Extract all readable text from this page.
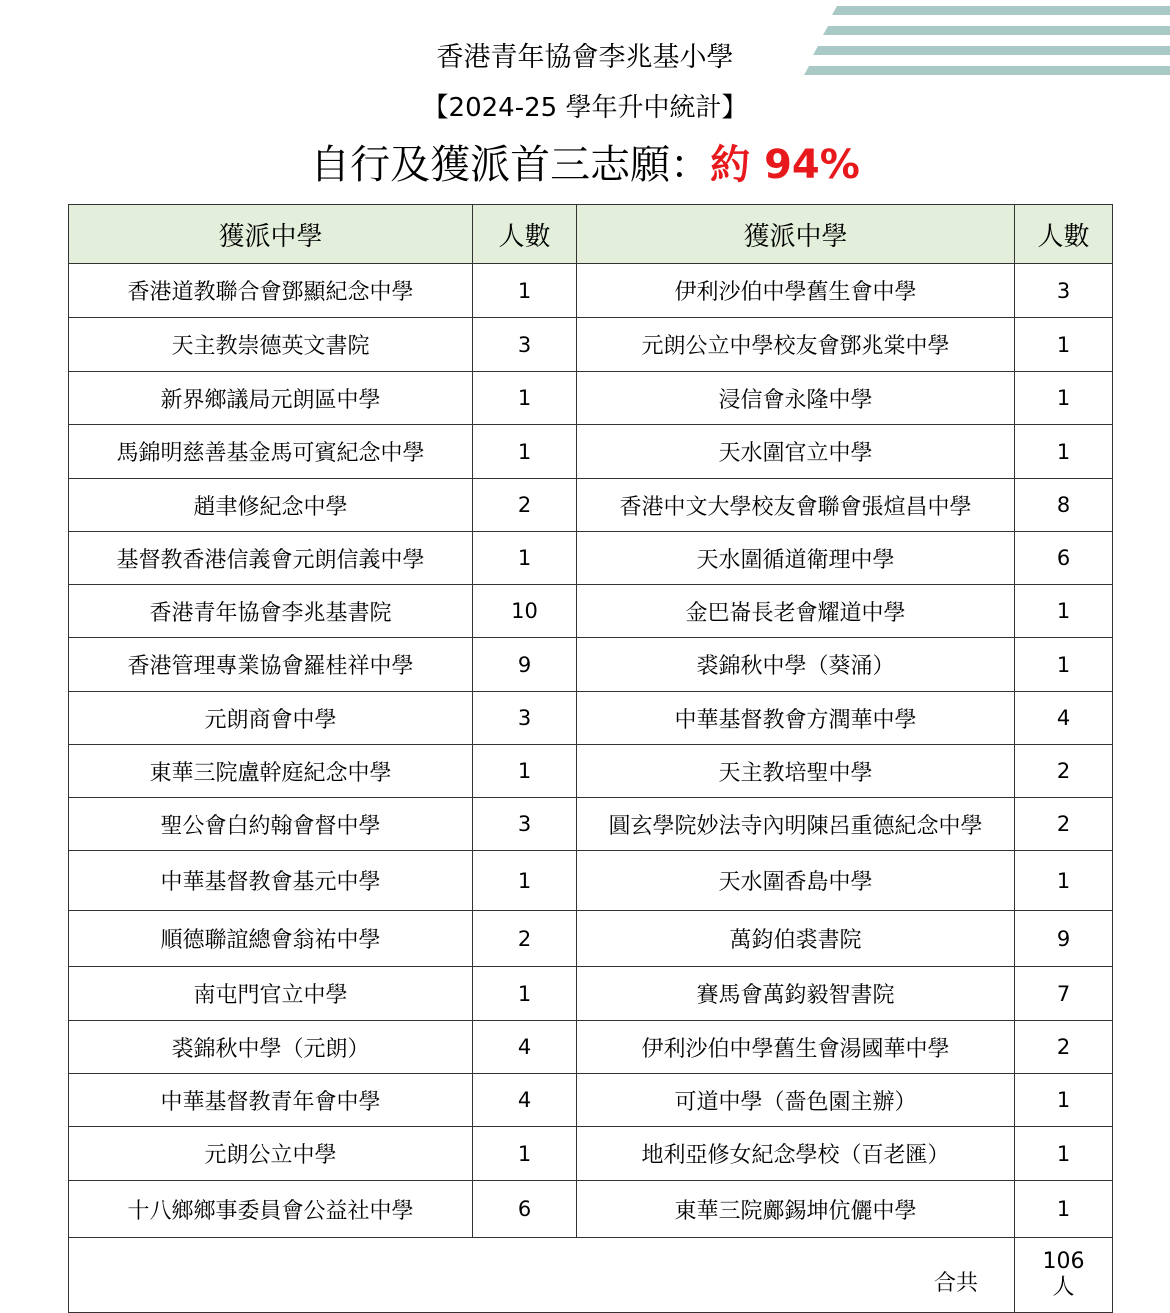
香港青年協會李兆基小學
【2024-25 學年升中統計】
自行及獲派首三志願：約 94%
獲派中學	人數	獲派中學	人數
香港道教聯合會鄧顯紀念中學	1	伊利沙伯中學舊生會中學	3
天主教崇德英文書院	3	元朗公立中學校友會鄧兆棠中學	1
新界鄉議局元朗區中學	1	浸信會永隆中學	1
馬錦明慈善基金馬可賓紀念中學	1	天水圍官立中學	1
趙聿修紀念中學	2	香港中文大學校友會聯會張煊昌中學	8
基督教香港信義會元朗信義中學	1	天水圍循道衛理中學	6
香港青年協會李兆基書院	10	金巴崙長老會耀道中學	1
香港管理專業協會羅桂祥中學	9	裘錦秋中學（葵涌）	1
元朗商會中學	3	中華基督教會方潤華中學	4
東華三院盧幹庭紀念中學	1	天主教培聖中學	2
聖公會白約翰會督中學	3	圓玄學院妙法寺內明陳呂重德紀念中學	2
中華基督教會基元中學	1	天水圍香島中學	1
順德聯誼總會翁祐中學	2	萬鈞伯裘書院	9
南屯門官立中學	1	賽馬會萬鈞毅智書院	7
裘錦秋中學（元朗）	4	伊利沙伯中學舊生會湯國華中學	2
中華基督教青年會中學	4	可道中學（嗇色園主辦）	1
元朗公立中學	1	地利亞修女紀念學校（百老匯）	1
十八鄉鄉事委員會公益社中學	6	東華三院鄺錫坤伉儷中學	1
合共			106
人
